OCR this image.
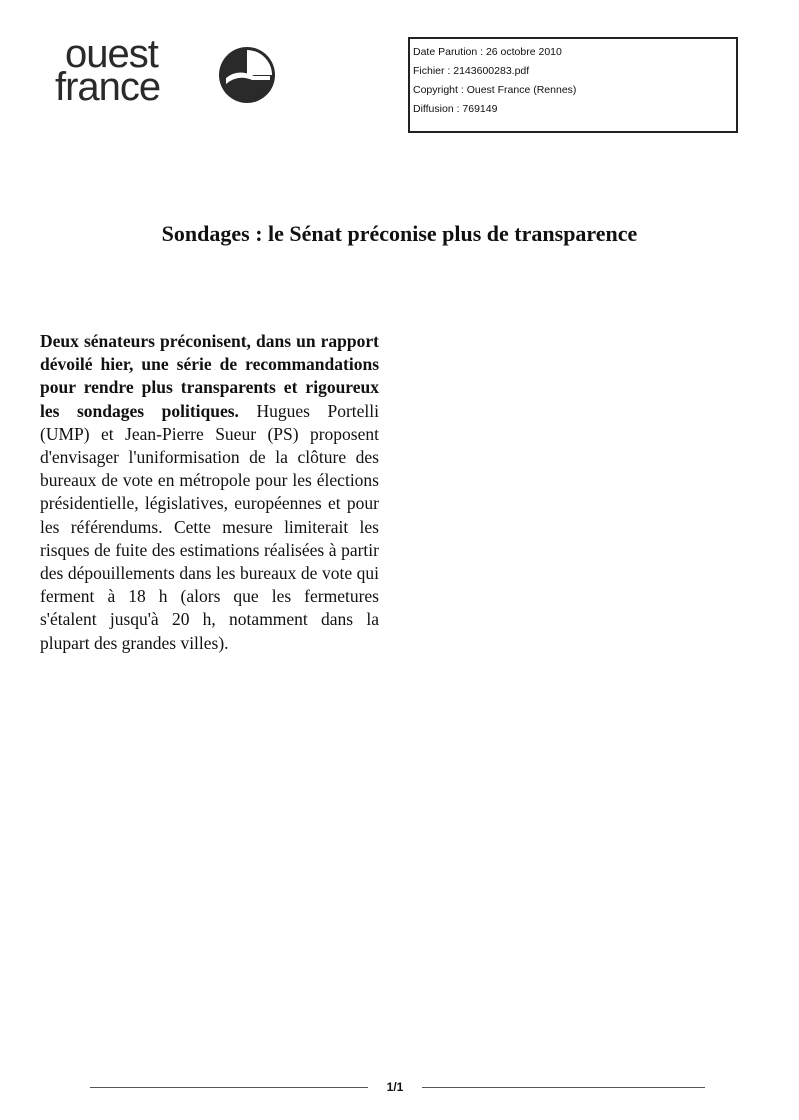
ouest
france
Date Parution : 26 octobre 2010
Fichier : 2143600283.pdf
Copyright : Ouest France (Rennes)
Diffusion : 769149
Sondages : le Sénat préconise plus de transparence

Deux sénateurs préconisent, dans un rapport dévoilé hier, une série de recommandations pour rendre plus transparents et rigoureux les sondages politiques. Hugues Portelli (UMP) et Jean-Pierre Sueur (PS) proposent d'envisager l'uniformisation de la clôture des bureaux de vote en métropole pour les élections présidentielle, législatives, européennes et pour les référendums. Cette mesure limiterait les risques de fuite des estimations réalisées à partir des dépouillements dans les bureaux de vote qui ferment à 18 h (alors que les fermetures s'étalent jusqu'à 20 h, notamment dans la plupart des grandes villes).

1/1
